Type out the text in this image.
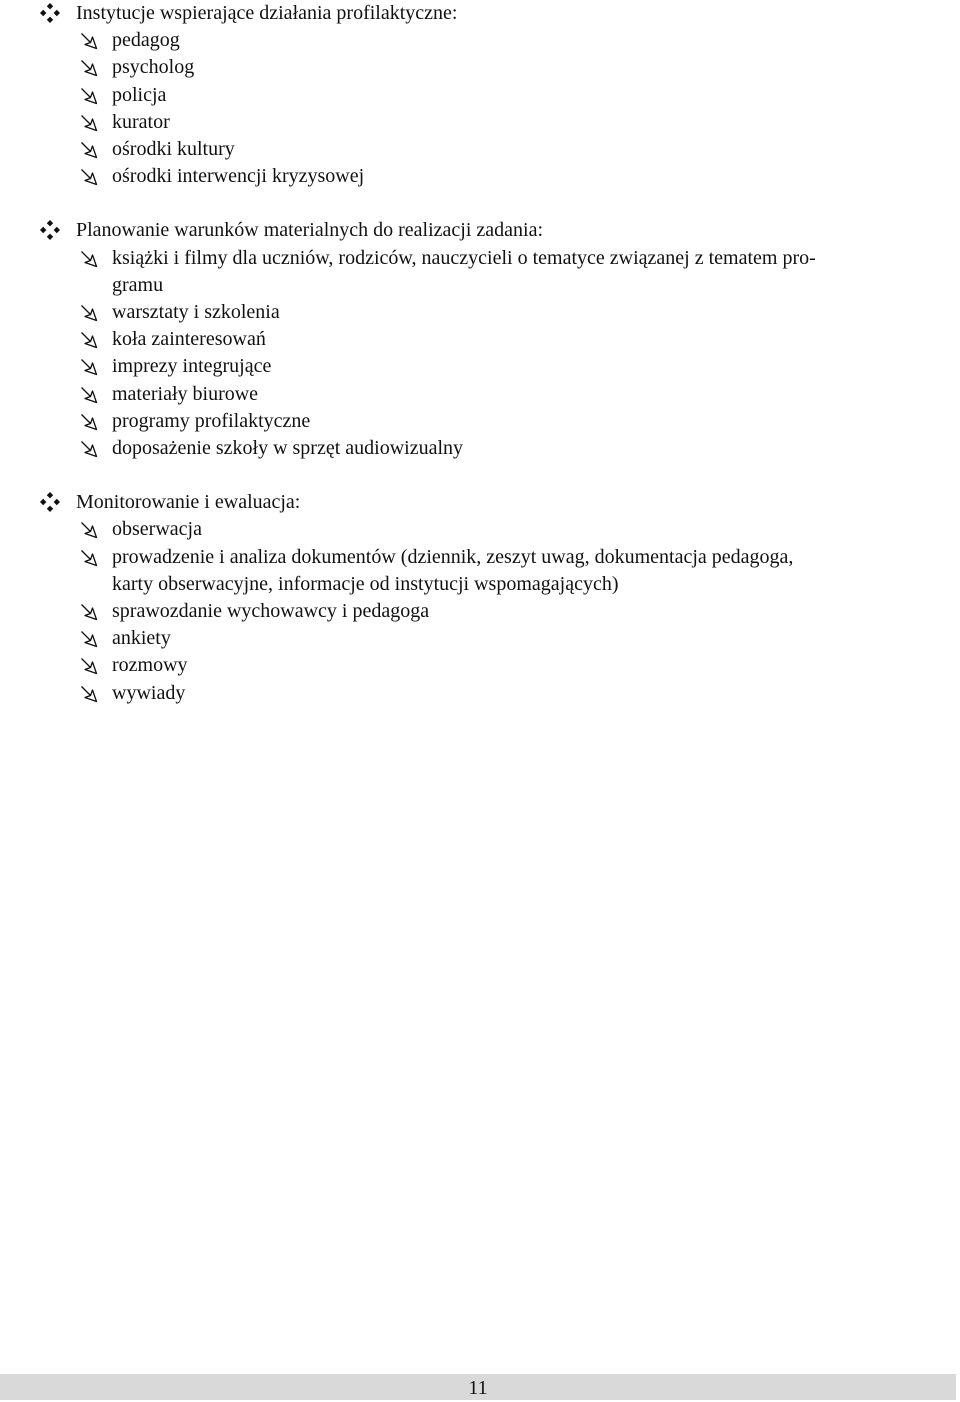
Instytucje wspierające działania profilaktyczne:
pedagog
psycholog
policja
kurator
ośrodki kultury
ośrodki interwencji kryzysowej
Planowanie warunków materialnych do realizacji zadania:
książki i filmy dla uczniów, rodziców, nauczycieli o tematyce związanej z tematem pro-
gramu
warsztaty i szkolenia
koła zainteresowań
imprezy integrujące
materiały biurowe
programy profilaktyczne
doposażenie szkoły w sprzęt audiowizualny
Monitorowanie i ewaluacja:
obserwacja
prowadzenie i analiza dokumentów (dziennik, zeszyt uwag, dokumentacja pedagoga,
karty obserwacyjne, informacje od instytucji wspomagających)
sprawozdanie wychowawcy i pedagoga
ankiety
rozmowy
wywiady
11
